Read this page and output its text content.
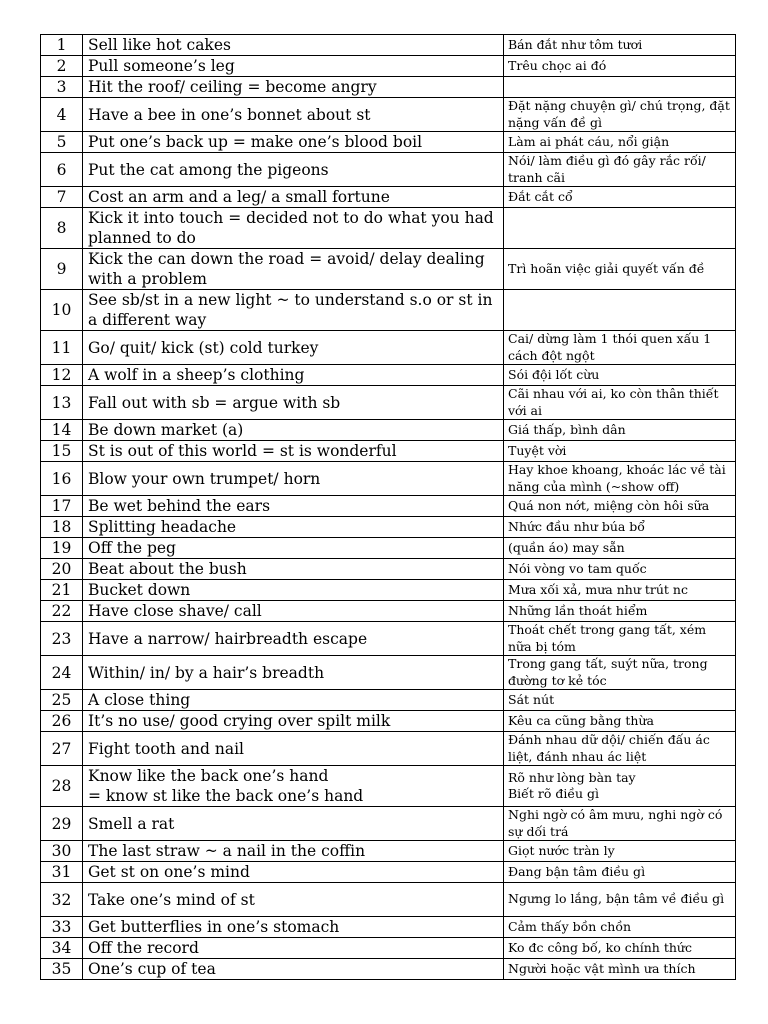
1	Sell like hot cakes	Bán đắt như tôm tươi

2	Pull someone’s leg	Trêu chọc ai đó

3	Hit the roof/ ceiling = become angry	

4	Have a bee in one’s bonnet about st	Đặt nặng chuyện gì/ chú trọng, đặt nặng vấn đề gì

5	Put one’s back up = make one’s blood boil	Làm ai phát cáu, nổi giận

6	Put the cat among the pigeons	Nói/ làm điều gì đó gây rắc rối/ tranh cãi

7	Cost an arm and a leg/ a small fortune	Đắt cắt cổ

8	Kick it into touch = decided not to do what you had planned to do	

9	Kick the can down the road = avoid/ delay dealing with a problem	Trì hoãn việc giải quyết vấn đề

10	See sb/st in a new light ~ to understand s.o or st in a different way	

11	Go/ quit/ kick (st) cold turkey	Cai/ dừng làm 1 thói quen xấu 1 cách đột ngột

12	A wolf in a sheep’s clothing	Sói đội lốt cừu

13	Fall out with sb = argue with sb	Cãi nhau với ai, ko còn thân thiết với ai

14	Be down market (a)	Giá thấp, bình dân

15	St is out of this world = st is wonderful	Tuyệt vời

16	Blow your own trumpet/ horn	Hay khoe khoang, khoác lác về tài năng của mình (~show off)

17	Be wet behind the ears	Quá non nớt, miệng còn hôi sữa

18	Splitting headache	Nhức đầu như búa bổ

19	Off the peg	(quần áo) may sẵn

20	Beat about the bush	Nói vòng vo tam quốc

21	Bucket down	Mưa xối xả, mưa như trút nc

22	Have close shave/ call	Những lần thoát hiểm

23	Have a narrow/ hairbreadth escape	Thoát chết trong gang tất, xém nữa bị tóm

24	Within/ in/ by a hair’s breadth	Trong gang tất, suýt nữa, trong đường tơ kẻ tóc

25	A close thing	Sát nút

26	It’s no use/ good crying over spilt milk	Kêu ca cũng bằng thừa

27	Fight tooth and nail	Đánh nhau dữ dội/ chiến đấu ác liệt, đánh nhau ác liệt

28	Know like the back one’s hand
= know st like the back one’s hand	Rõ như lòng bàn tay
Biết rõ điều gì

29	Smell a rat	Nghi ngờ có âm mưu, nghi ngờ có sự dối trá

30	The last straw ~ a nail in the coffin	Giọt nước tràn ly

31	Get st on one’s mind	Đang bận tâm điều gì

32	Take one’s mind of st	Ngưng lo lắng, bận tâm về điều gì

33	Get butterflies in one’s stomach	Cảm thấy bồn chồn

34	Off the record	Ko đc công bố, ko chính thức

35	One’s cup of tea	Người hoặc vật mình ưa thích
